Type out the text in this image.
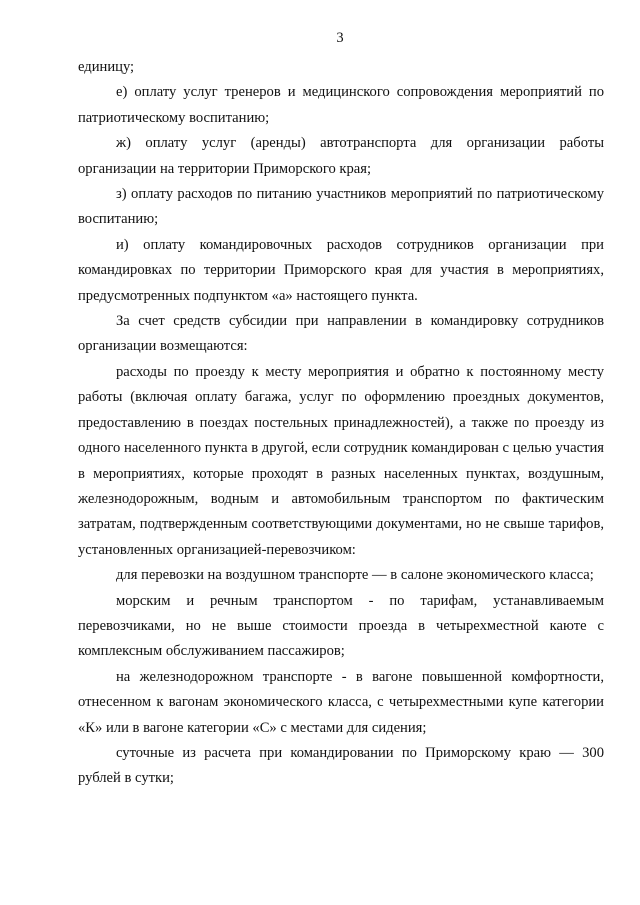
3

единицу;

е) оплату услуг тренеров и медицинского сопровождения мероприятий по патриотическому воспитанию;

ж) оплату услуг (аренды) автотранспорта для организации работы организации на территории Приморского края;

з) оплату расходов по питанию участников мероприятий по патриотическому воспитанию;

и) оплату командировочных расходов сотрудников организации при командировках по территории Приморского края для участия в мероприятиях, предусмотренных подпунктом «а» настоящего пункта.

За счет средств субсидии при направлении в командировку сотрудников организации возмещаются:

расходы по проезду к месту мероприятия и обратно к постоянному месту работы (включая оплату багажа, услуг по оформлению проездных документов, предоставлению в поездах постельных принадлежностей), а также по проезду из одного населенного пункта в другой, если сотрудник командирован с целью участия в мероприятиях, которые проходят в разных населенных пунктах, воздушным, железнодорожным, водным и автомобильным транспортом по фактическим затратам, подтвержденным соответствующими документами, но не свыше тарифов, установленных организацией-перевозчиком:

для перевозки на воздушном транспорте — в салоне экономического класса;

морским и речным транспортом - по тарифам, устанавливаемым перевозчиками, но не выше стоимости проезда в четырехместной каюте с комплексным обслуживанием пассажиров;

на железнодорожном транспорте - в вагоне повышенной комфортности, отнесенном к вагонам экономического класса, с четырехместными купе категории «К» или в вагоне категории «С» с местами для сидения;

суточные из расчета при командировании по Приморскому краю — 300 рублей в сутки;
